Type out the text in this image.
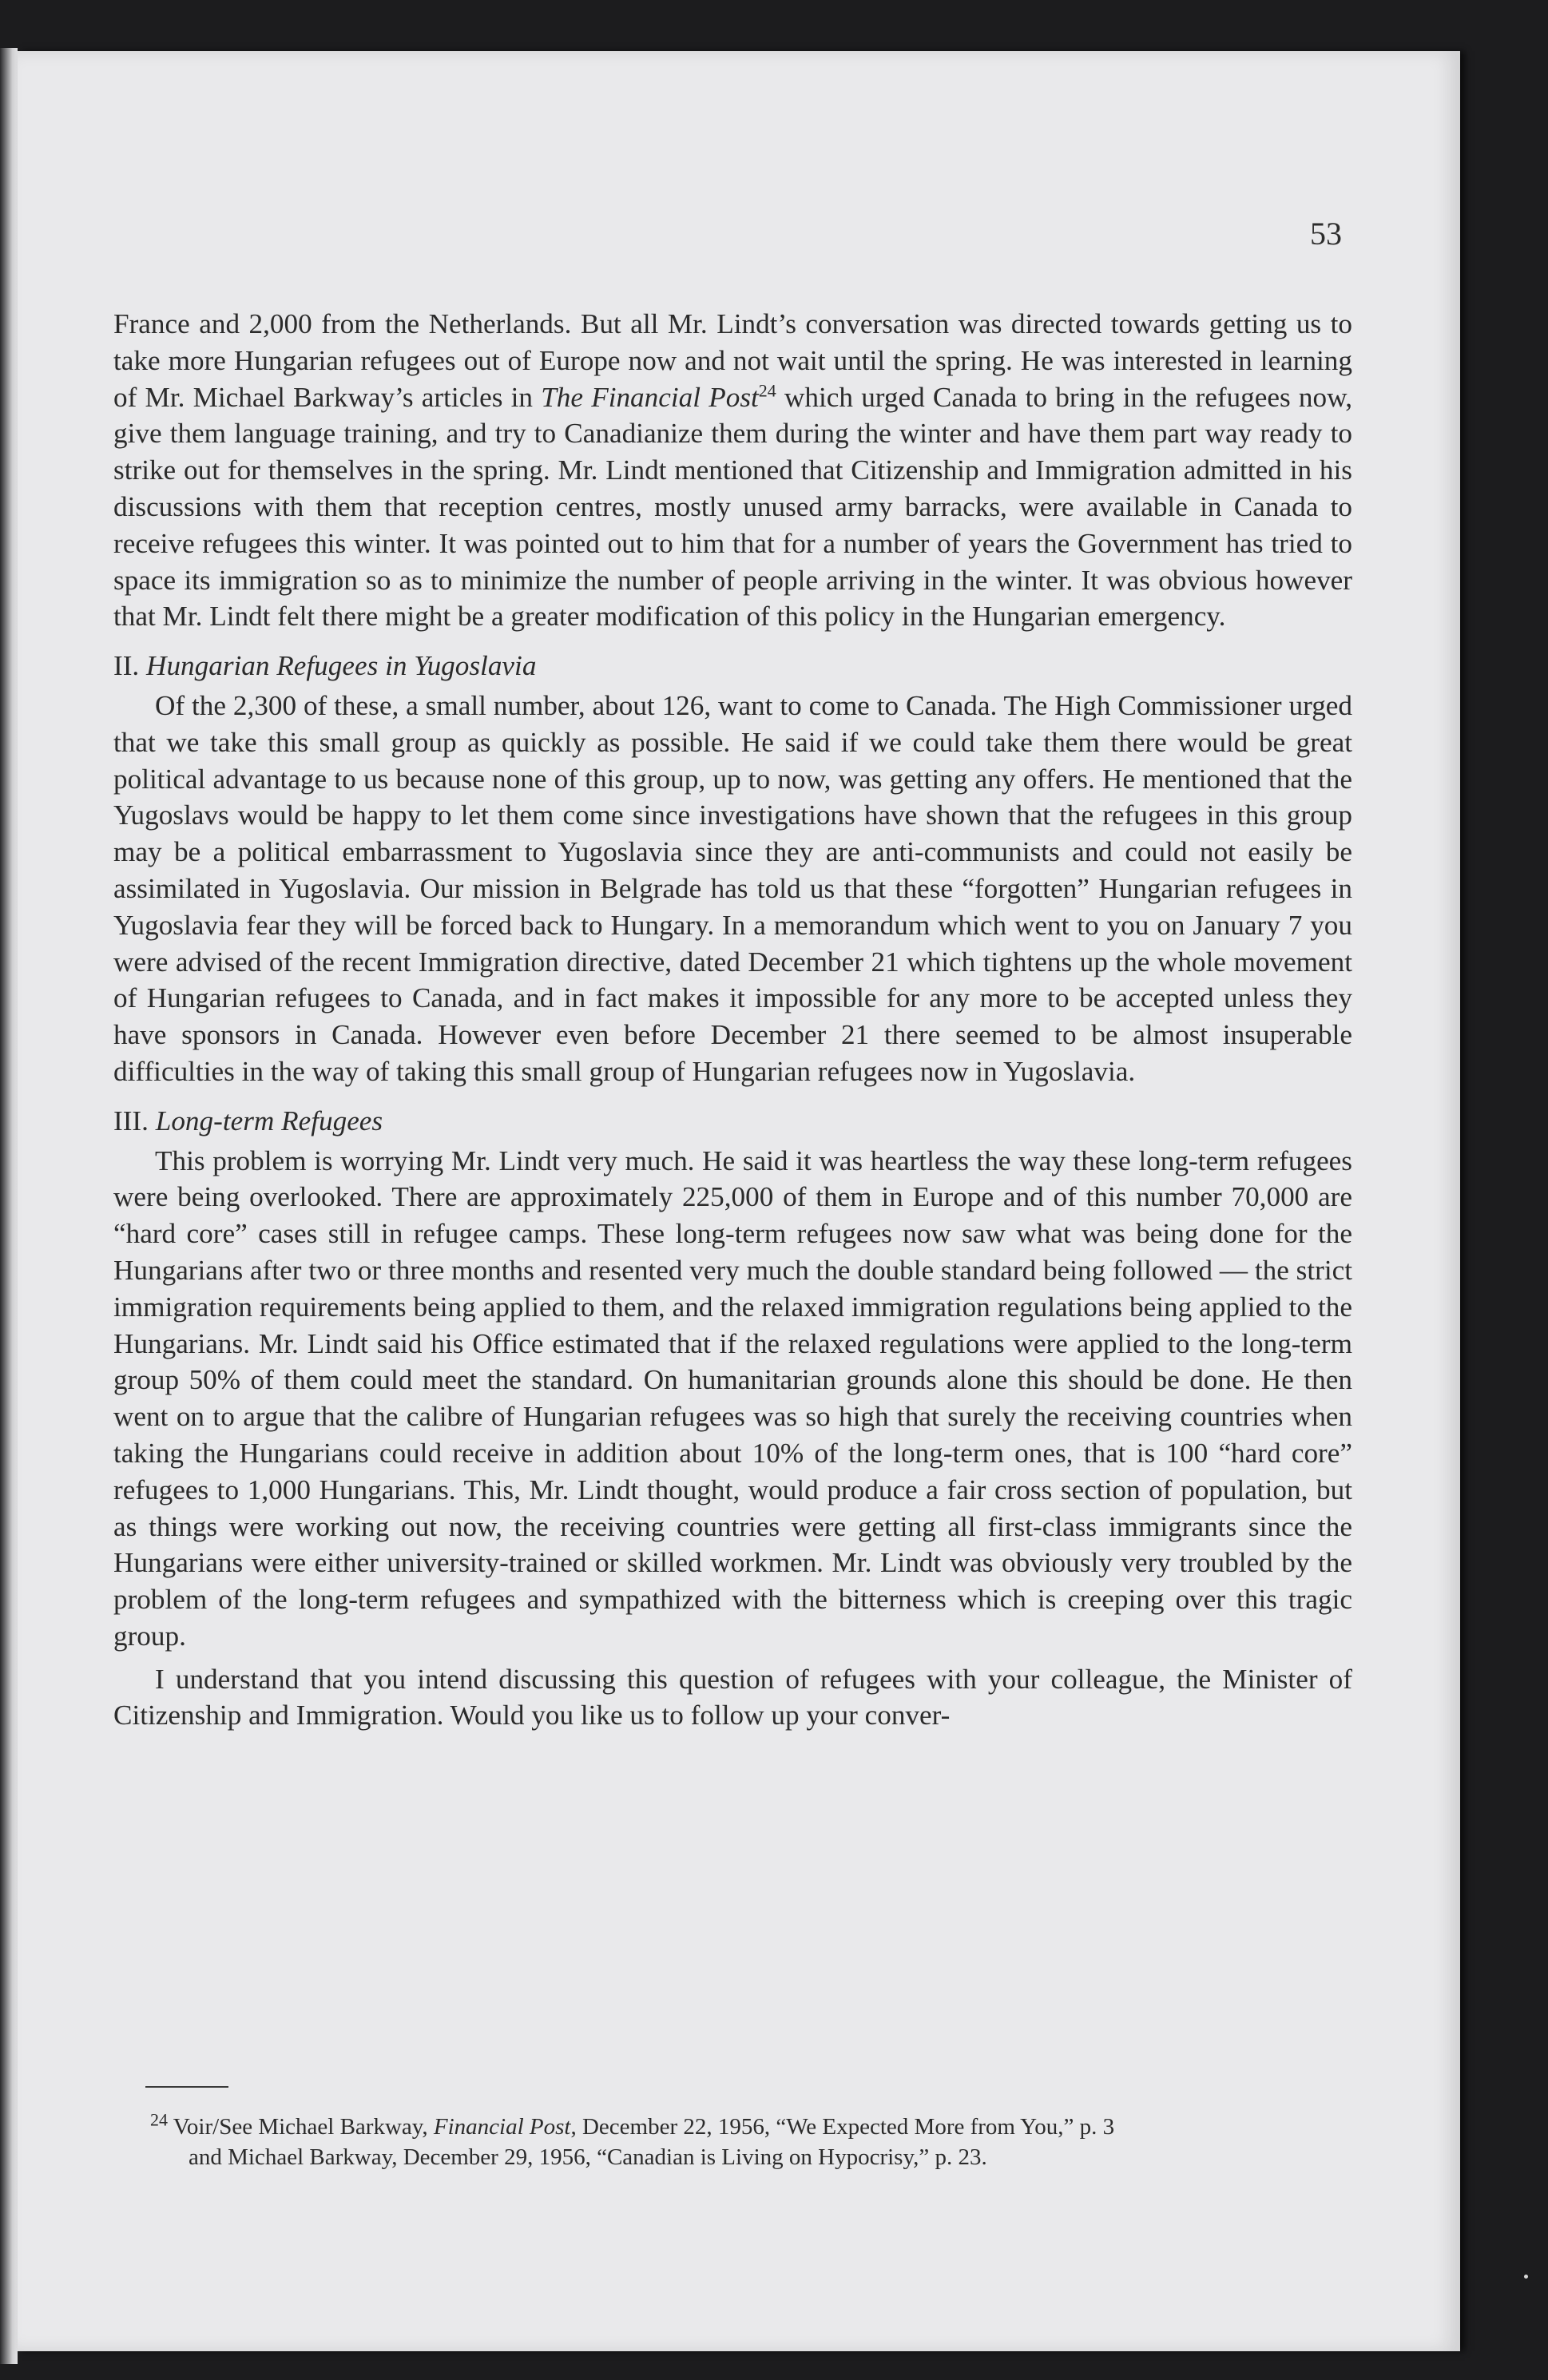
53

France and 2,000 from the Netherlands. But all Mr. Lindt’s conversation was directed towards getting us to take more Hungarian refugees out of Europe now and not wait until the spring. He was interested in learning of Mr. Michael Barkway’s articles in The Financial Post$^{24}$ which urged Canada to bring in the refugees now, give them language training, and try to Canadianize them during the winter and have them part way ready to strike out for themselves in the spring. Mr. Lindt mentioned that Citizenship and Immigration admitted in his discussions with them that reception centres, mostly unused army barracks, were available in Canada to receive refugees this winter. It was pointed out to him that for a number of years the Government has tried to space its immigration so as to minimize the number of people arriving in the winter. It was obvious however that Mr. Lindt felt there might be a greater modification of this policy in the Hungarian emergency.

II. Hungarian Refugees in Yugoslavia

Of the 2,300 of these, a small number, about 126, want to come to Canada. The High Commissioner urged that we take this small group as quickly as possible. He said if we could take them there would be great political advantage to us because none of this group, up to now, was getting any offers. He mentioned that the Yugoslavs would be happy to let them come since investigations have shown that the refugees in this group may be a political embarrassment to Yugoslavia since they are anti-communists and could not easily be assimilated in Yugoslavia. Our mission in Belgrade has told us that these “forgotten” Hungarian refugees in Yugoslavia fear they will be forced back to Hungary. In a memorandum which went to you on January 7 you were advised of the recent Immigration directive, dated December 21 which tightens up the whole movement of Hungarian refugees to Canada, and in fact makes it impossible for any more to be accepted unless they have sponsors in Canada. However even before December 21 there seemed to be almost insuperable difficulties in the way of taking this small group of Hungarian refugees now in Yugoslavia.

III. Long-term Refugees

This problem is worrying Mr. Lindt very much. He said it was heartless the way these long-term refugees were being overlooked. There are approximately 225,000 of them in Europe and of this number 70,000 are “hard core” cases still in refugee camps. These long-term refugees now saw what was being done for the Hungarians after two or three months and resented very much the double standard being followed — the strict immigration requirements being applied to them, and the relaxed immigration regulations being applied to the Hungarians. Mr. Lindt said his Office estimated that if the relaxed regulations were applied to the long-term group 50% of them could meet the standard. On humanitarian grounds alone this should be done. He then went on to argue that the calibre of Hungarian refugees was so high that surely the receiving countries when taking the Hungarians could receive in addition about 10% of the long-term ones, that is 100 “hard core” refugees to 1,000 Hungarians. This, Mr. Lindt thought, would produce a fair cross section of population, but as things were working out now, the receiving countries were getting all first-class immigrants since the Hungarians were either university-trained or skilled workmen. Mr. Lindt was obviously very troubled by the problem of the long-term refugees and sympathized with the bitterness which is creeping over this tragic group.

I understand that you intend discussing this question of refugees with your colleague, the Minister of Citizenship and Immigration. Would you like us to follow up your conver-

$^{24}$ Voir/See Michael Barkway, Financial Post, December 22, 1956, “We Expected More from You,” p. 3
and Michael Barkway, December 29, 1956, “Canadian is Living on Hypocrisy,” p. 23.
